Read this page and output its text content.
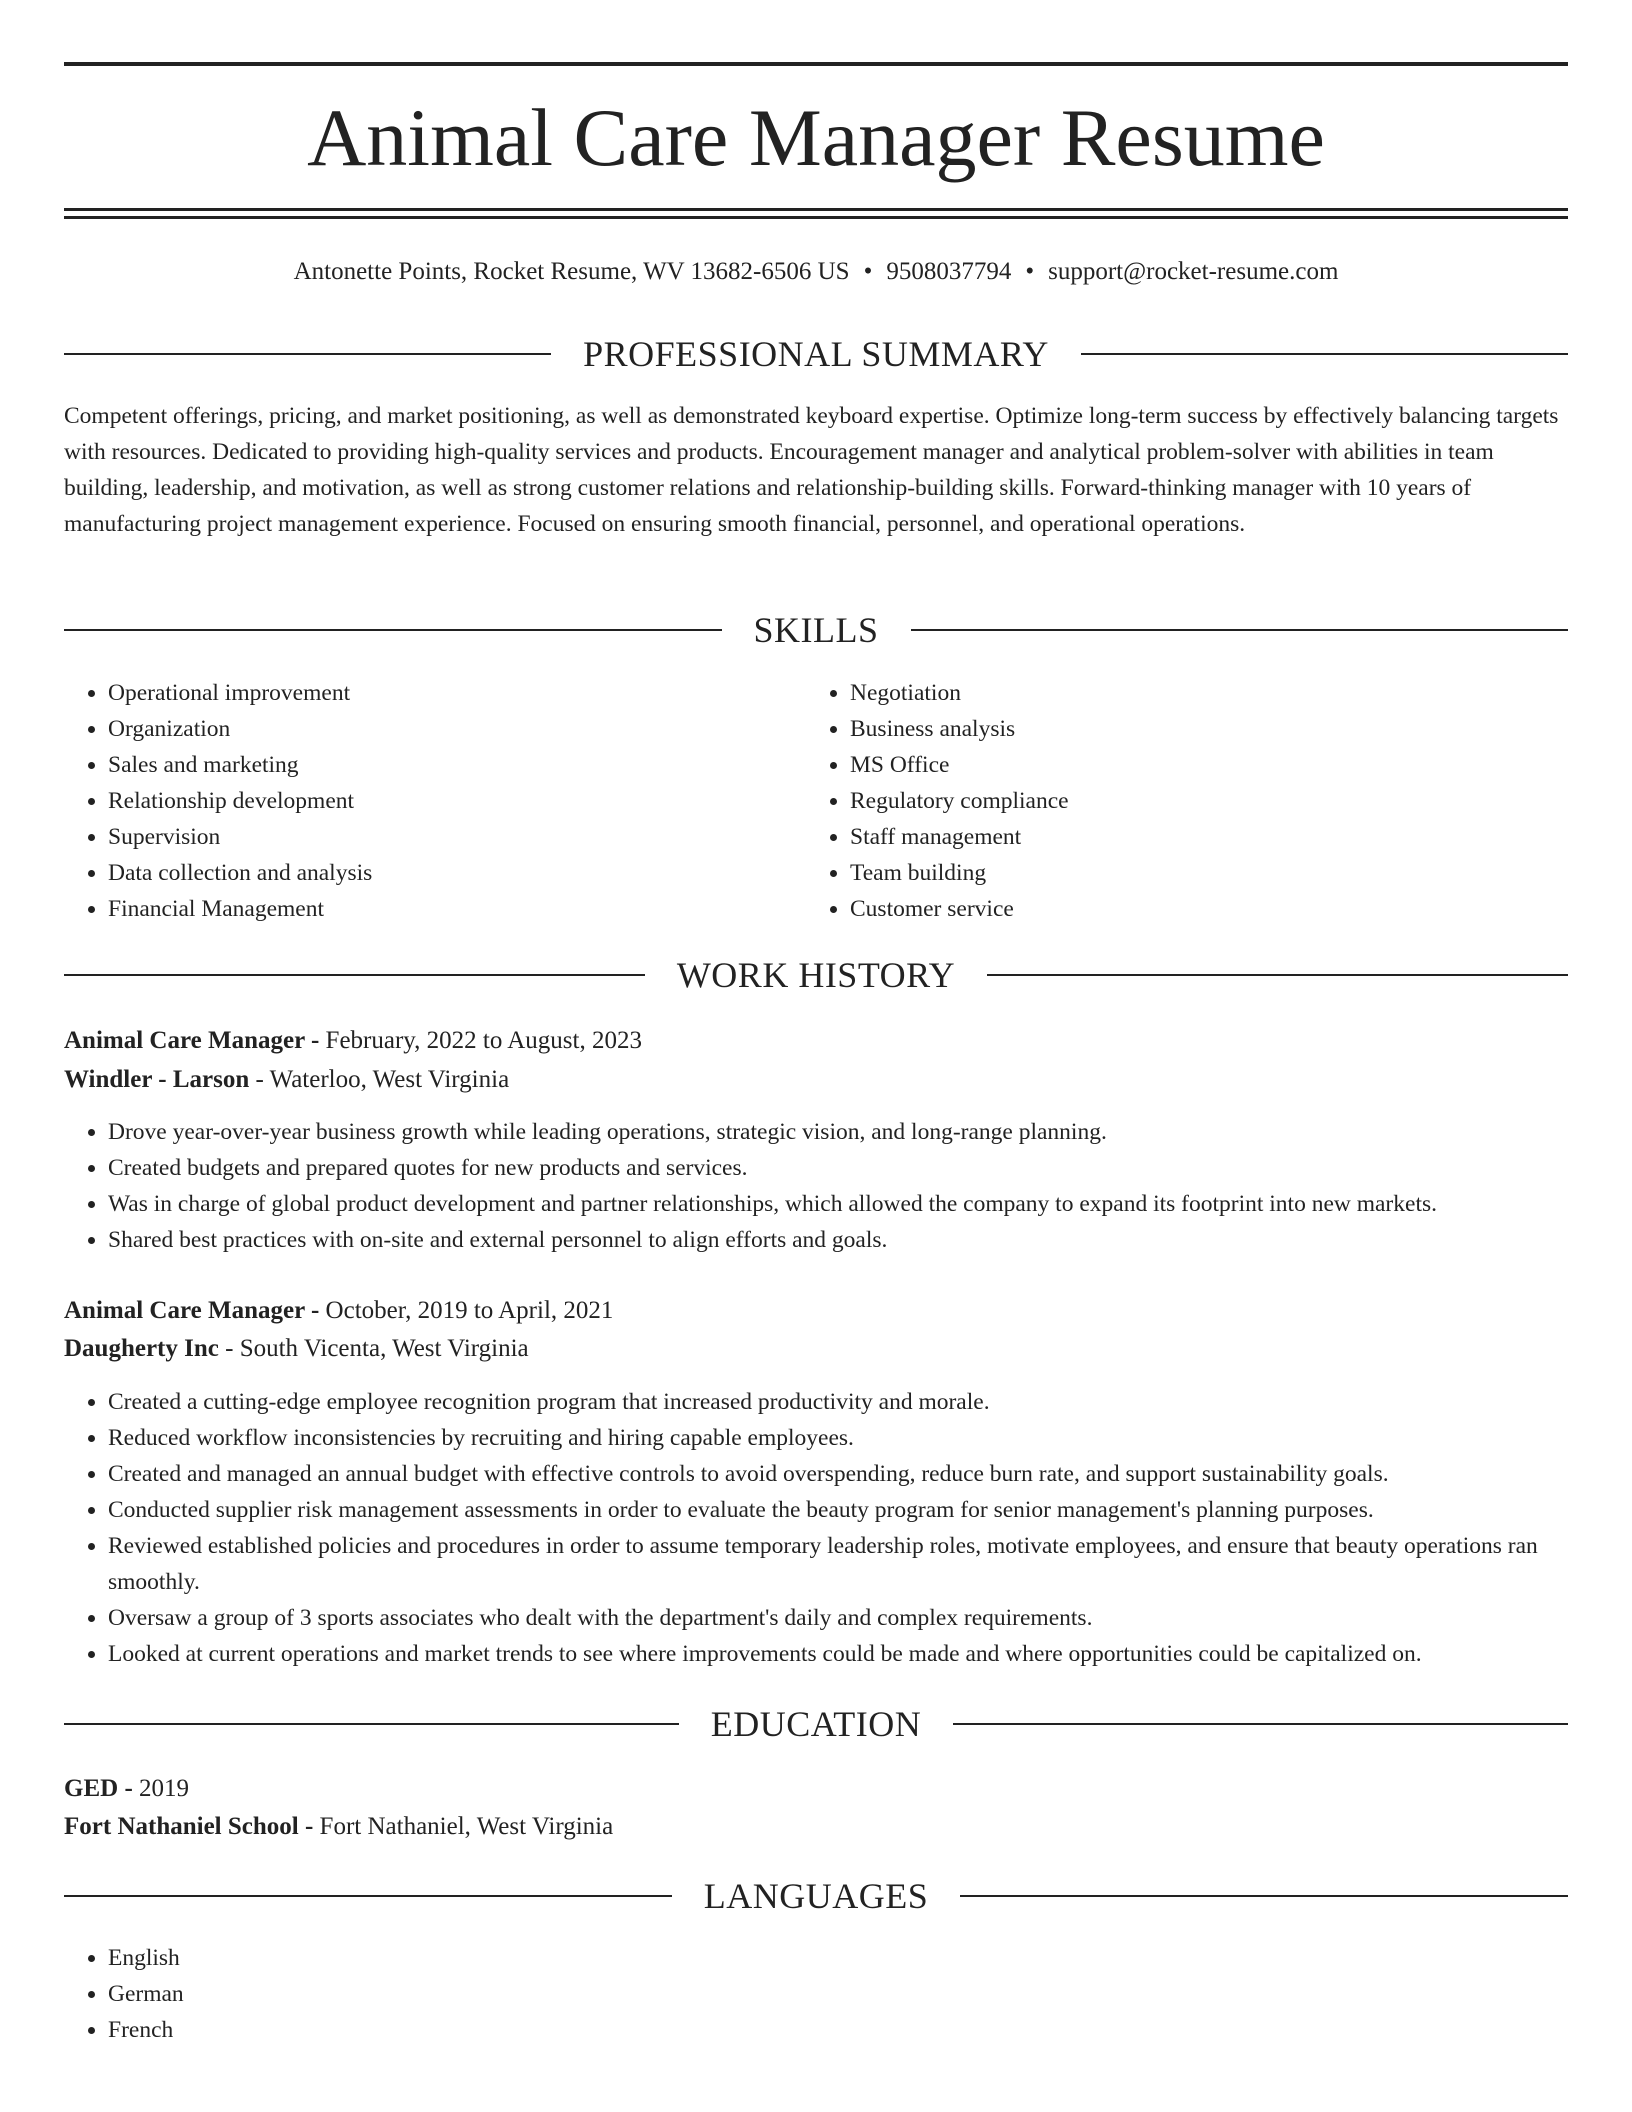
Animal Care Manager Resume
Antonette Points, Rocket Resume, WV 13682-6506 US • 9508037794 • support@rocket-resume.com
PROFESSIONAL SUMMARY

Competent offerings, pricing, and market positioning, as well as demonstrated keyboard expertise. Optimize long-term success by effectively balancing targets with resources. Dedicated to providing high-quality services and products. Encouragement manager and analytical problem-solver with abilities in team building, leadership, and motivation, as well as strong customer relations and relationship-building skills. Forward-thinking manager with 10 years of manufacturing project management experience. Focused on ensuring smooth financial, personnel, and operational operations.

SKILLS
• Operational improvement
• Organization
• Sales and marketing
• Relationship development
• Supervision
• Data collection and analysis
• Financial Management
• Negotiation
• Business analysis
• MS Office
• Regulatory compliance
• Staff management
• Team building
• Customer service
WORK HISTORY
Animal Care Manager - February, 2022 to August, 2023
Windler - Larson - Waterloo, West Virginia
• Drove year-over-year business growth while leading operations, strategic vision, and long-range planning.
• Created budgets and prepared quotes for new products and services.
• Was in charge of global product development and partner relationships, which allowed the company to expand its footprint into new markets.
• Shared best practices with on-site and external personnel to align efforts and goals.
Animal Care Manager - October, 2019 to April, 2021
Daugherty Inc - South Vicenta, West Virginia
• Created a cutting-edge employee recognition program that increased productivity and morale.
• Reduced workflow inconsistencies by recruiting and hiring capable employees.
• Created and managed an annual budget with effective controls to avoid overspending, reduce burn rate, and support sustainability goals.
• Conducted supplier risk management assessments in order to evaluate the beauty program for senior management's planning purposes.
• Reviewed established policies and procedures in order to assume temporary leadership roles, motivate employees, and ensure that beauty operations ran smoothly.
• Oversaw a group of 3 sports associates who dealt with the department's daily and complex requirements.
• Looked at current operations and market trends to see where improvements could be made and where opportunities could be capitalized on.
EDUCATION
GED - 2019
Fort Nathaniel School - Fort Nathaniel, West Virginia
LANGUAGES
• English
• German
• French
